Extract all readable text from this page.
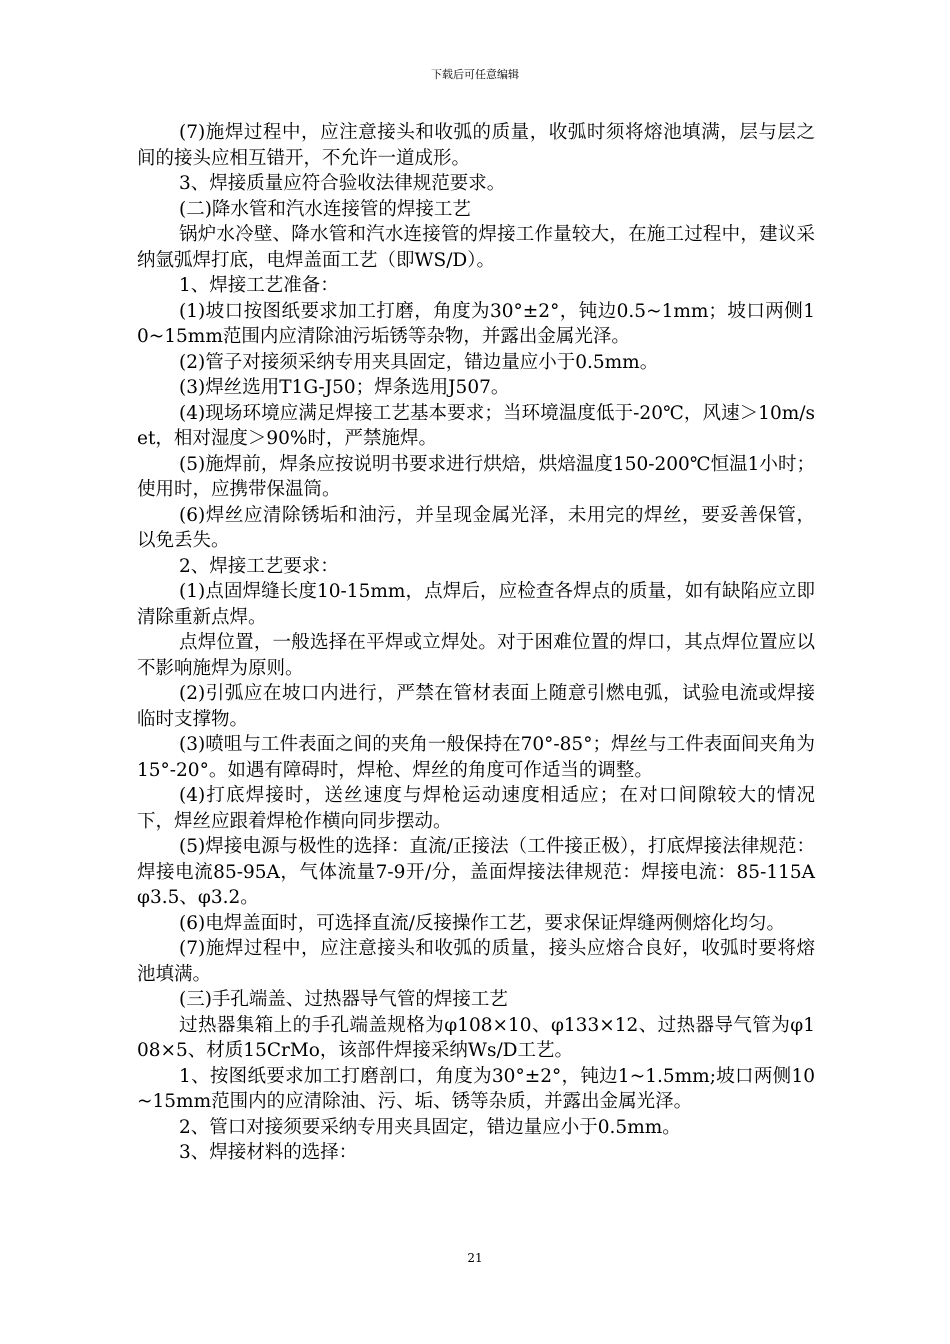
下载后可任意编辑

(7)施焊过程中，应注意接头和收弧的质量，收弧时须将熔池填满，层与层之间的接头应相互错开，不允许一道成形。

3、焊接质量应符合验收法律规范要求。

(二)降水管和汽水连接管的焊接工艺

锅炉水冷壁、降水管和汽水连接管的焊接工作量较大，在施工过程中，建议采纳氩弧焊打底，电焊盖面工艺（即WS/D）。

1、焊接工艺准备：

(1)坡口按图纸要求加工打磨，角度为30°±2°，钝边0.5~1mm；坡口两侧10~15mm范围内应清除油污垢锈等杂物，并露出金属光泽。

(2)管子对接须采纳专用夹具固定，错边量应小于0.5mm。

(3)焊丝选用T1G-J50；焊条选用J507。

(4)现场环境应满足焊接工艺基本要求；当环境温度低于-20℃，风速＞10m/set，相对湿度＞90%时，严禁施焊。

(5)施焊前，焊条应按说明书要求进行烘焙，烘焙温度150-200℃恒温1小时；使用时，应携带保温筒。

(6)焊丝应清除锈垢和油污，并呈现金属光泽，未用完的焊丝，要妥善保管，以免丢失。

2、焊接工艺要求：

(1)点固焊缝长度10-15mm，点焊后，应检查各焊点的质量，如有缺陷应立即清除重新点焊。

点焊位置，一般选择在平焊或立焊处。对于困难位置的焊口，其点焊位置应以不影响施焊为原则。

(2)引弧应在坡口内进行，严禁在管材表面上随意引燃电弧，试验电流或焊接临时支撑物。

(3)喷咀与工件表面之间的夹角一般保持在70°-85°；焊丝与工件表面间夹角为15°-20°。如遇有障碍时，焊枪、焊丝的角度可作适当的调整。

(4)打底焊接时，送丝速度与焊枪运动速度相适应；在对口间隙较大的情况下，焊丝应跟着焊枪作横向同步摆动。

(5)焊接电源与极性的选择：直流/正接法（工件接正极），打底焊接法律规范：焊接电流85-95A，气体流量7-9开/分，盖面焊接法律规范：焊接电流：85-115A φ3.5、φ3.2。

(6)电焊盖面时，可选择直流/反接操作工艺，要求保证焊缝两侧熔化均匀。

(7)施焊过程中，应注意接头和收弧的质量，接头应熔合良好，收弧时要将熔池填满。

(三)手孔端盖、过热器导气管的焊接工艺

过热器集箱上的手孔端盖规格为φ108×10、φ133×12、过热器导气管为φ108×5、材质15CrMo，该部件焊接采纳Ws/D工艺。

1、按图纸要求加工打磨剖口，角度为30°±2°，钝边1~1.5mm;坡口两侧10~15mm范围内的应清除油、污、垢、锈等杂质，并露出金属光泽。

2、管口对接须要采纳专用夹具固定，错边量应小于0.5mm。

3、焊接材料的选择：

21
